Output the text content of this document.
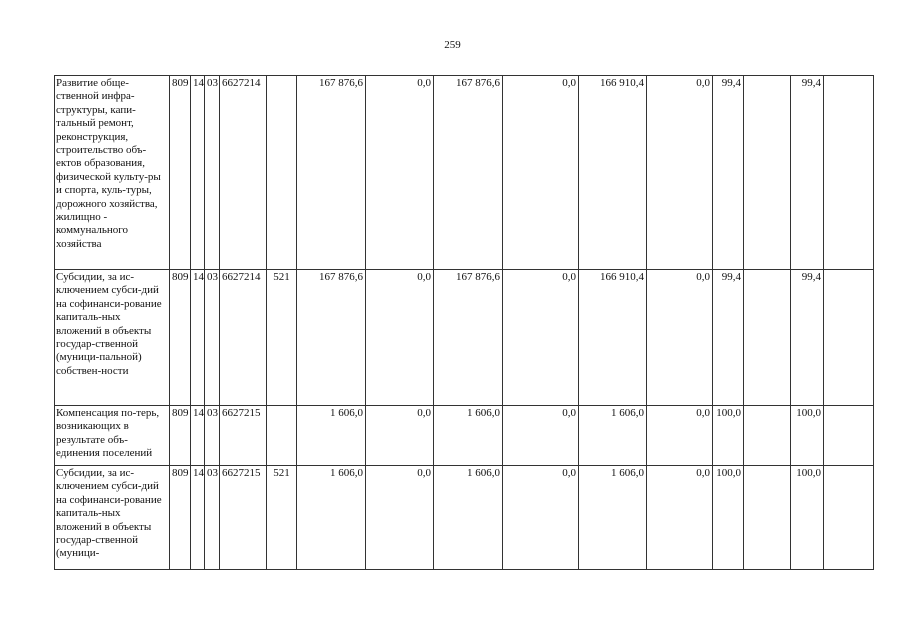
259
Развитие обще-ственной инфра-структуры, капи-тальный ремонт, реконструкция, строительство объ-ектов образования, физической культу-ры и спорта, куль-туры, дорожного хозяйства, жилищно - коммунального хозяйства	809	14	03	6627214		167 876,6	0,0	167 876,6	0,0	166 910,4	0,0	99,4		99,4	
Субсидии, за ис-ключением субси-дий на софинанси-рование капиталь-ных вложений в объекты государ-ственной (муници-пальной) собствен-ности	809	14	03	6627214	521	167 876,6	0,0	167 876,6	0,0	166 910,4	0,0	99,4		99,4	
Компенсация по-терь, возникающих в результате объ-единения поселений	809	14	03	6627215		1 606,0	0,0	1 606,0	0,0	1 606,0	0,0	100,0		100,0	
Субсидии, за ис-ключением субси-дий на софинанси-рование капиталь-ных вложений в объекты государ-ственной (муници-	809	14	03	6627215	521	1 606,0	0,0	1 606,0	0,0	1 606,0	0,0	100,0		100,0	
